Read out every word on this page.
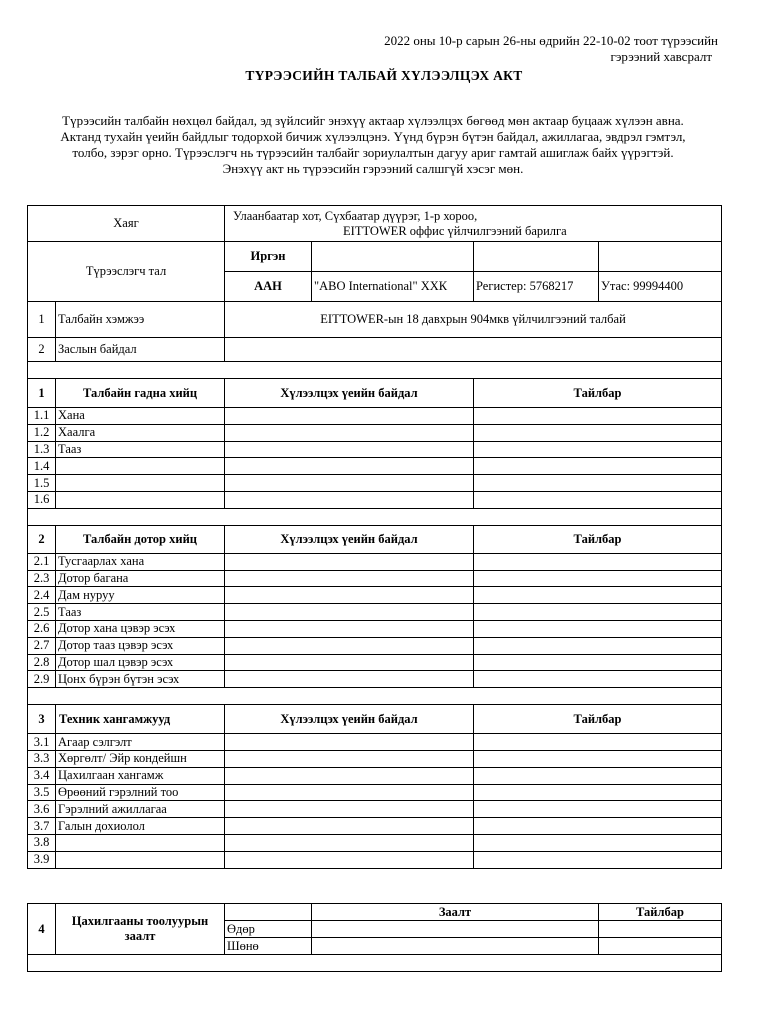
2022 оны 10-р сарын 26-ны өдрийн 22-10-02 тоот түрээсийн
гэрээний хавсралт
ТҮРЭЭСИЙН ТАЛБАЙ ХҮЛЭЭЛЦЭХ АКТ
Түрээсийн талбайн нөхцөл байдал, эд зүйлсийг энэхүү актаар хүлээлцэх бөгөөд мөн актаар буцааж хүлээн авна.
Актанд тухайн үеийн байдлыг тодорхой бичиж хүлээлцэнэ. Үүнд бүрэн бүтэн байдал, ажиллагаа, эвдрэл гэмтэл,
толбо, зэрэг орно. Түрээслэгч нь түрээсийн талбайг зориулалтын дагуу ариг гамтай ашиглаж байх үүрэгтэй.
Энэхүү акт нь түрээсийн гэрээний салшгүй хэсэг мөн.
Хаяг		Улаанбаатар хот, Сүхбаатар дүүрэг, 1-р хороо,
EITTOWER оффис үйлчилгээний барилга			

Түрээслэгч тал		Иргэн			
		ААН	"ABO International" ХХК	Регистер: 5768217	Утас: 99994400
1	Талбайн хэмжээ	EITTOWER-ын 18 давхрын 904мкв үйлчилгээний талбай			
2	Заслын байдал				

1	Талбайн гадна хийц	Хүлээлцэх үеийн байдал		Тайлбар	
1.1	Хана				
1.2	Хаалга				
1.3	Тааз				
1.4					
1.5					
1.6					

2	Талбайн дотор хийц	Хүлээлцэх үеийн байдал		Тайлбар	
2.1	Тусгаарлах хана				
2.3	Дотор багана				
2.4	Дам нуруу				
2.5	Тааз				
2.6	Дотор хана цэвэр эсэх				
2.7	Дотор тааз цэвэр эсэх				
2.8	Дотор шал цэвэр эсэх				
2.9	Цонх бүрэн бүтэн эсэх				

3	Техник хангамжууд	Хүлээлцэх үеийн байдал		Тайлбар	
3.1	Агаар сэлгэлт				
3.3	Хөргөлт/ Эйр кондейшн				
3.4	Цахилгаан хангамж				
3.5	Өрөөний гэрэлний тоо				
3.6	Гэрэлний ажиллагаа				
3.7	Галын дохиолол				
3.8					
3.9					
4	Цахилгааны тоолуурын заалт		Заалт	Тайлбар
		Өдөр		
		Шөнө		
